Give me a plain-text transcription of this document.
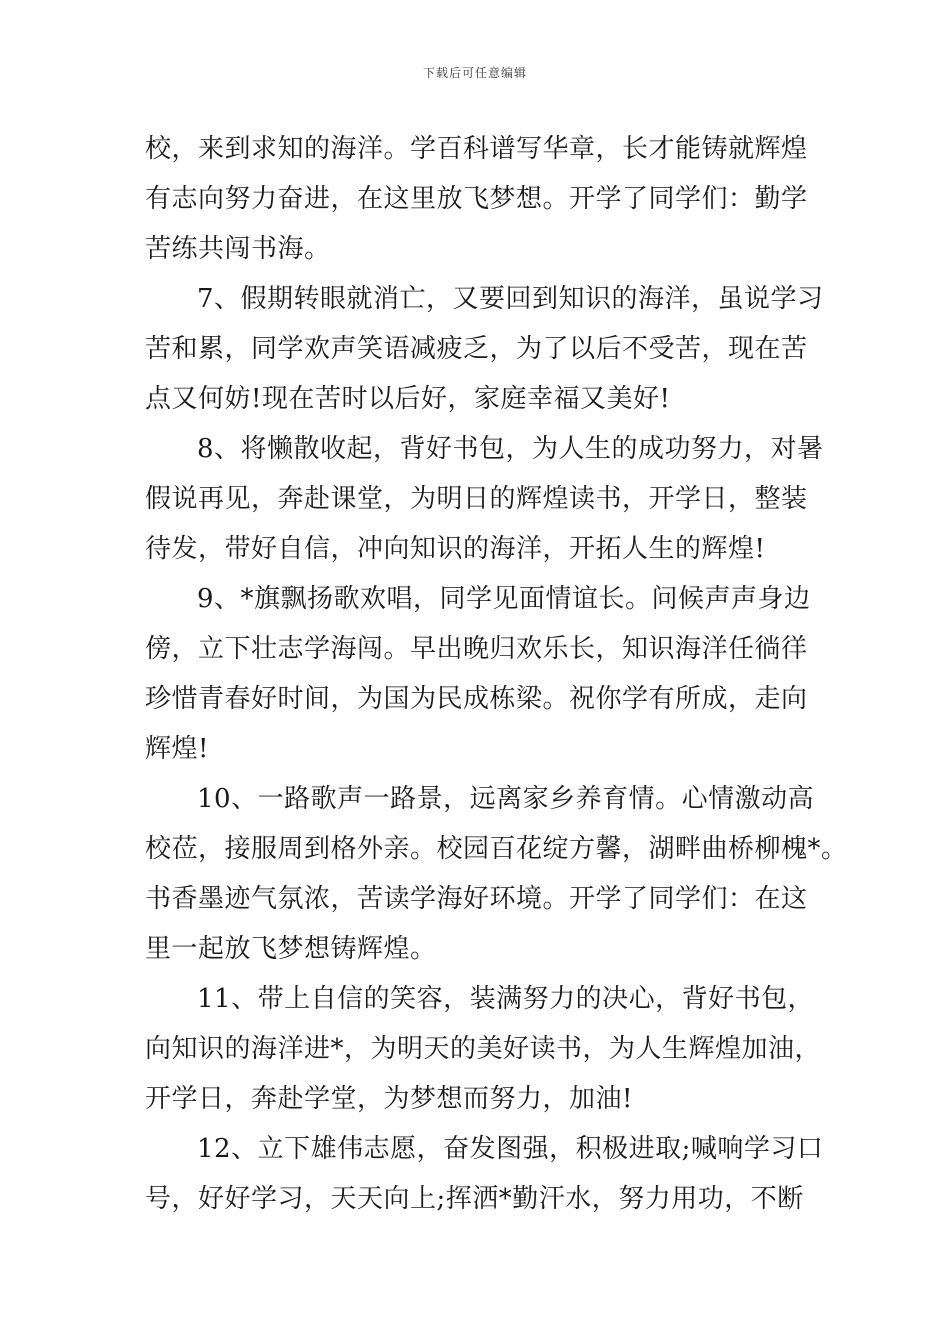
下载后可任意编辑
校，来到求知的海洋。学百科谱写华章，长才能铸就辉煌
有志向努力奋进，在这里放飞梦想。开学了同学们：勤学
苦练共闯书海。
7、假期转眼就消亡，又要回到知识的海洋，虽说学习
苦和累，同学欢声笑语减疲乏，为了以后不受苦，现在苦
点又何妨!现在苦时以后好，家庭幸福又美好!
8、将懒散收起，背好书包，为人生的成功努力，对暑
假说再见，奔赴课堂，为明日的辉煌读书，开学日，整装
待发，带好自信，冲向知识的海洋，开拓人生的辉煌!
9、*旗飘扬歌欢唱，同学见面情谊长。问候声声身边
傍，立下壮志学海闯。早出晚归欢乐长，知识海洋任徜徉
珍惜青春好时间，为国为民成栋梁。祝你学有所成，走向
辉煌!
10、一路歌声一路景，远离家乡养育情。心情激动高
校莅，接服周到格外亲。校园百花绽方馨，湖畔曲桥柳槐*。
书香墨迹气氛浓，苦读学海好环境。开学了同学们：在这
里一起放飞梦想铸辉煌。
11、带上自信的笑容，装满努力的决心，背好书包，
向知识的海洋进*，为明天的美好读书，为人生辉煌加油，
开学日，奔赴学堂，为梦想而努力，加油!
12、立下雄伟志愿，奋发图强，积极进取;喊响学习口
号，好好学习，天天向上;挥洒*勤汗水，努力用功，不断
